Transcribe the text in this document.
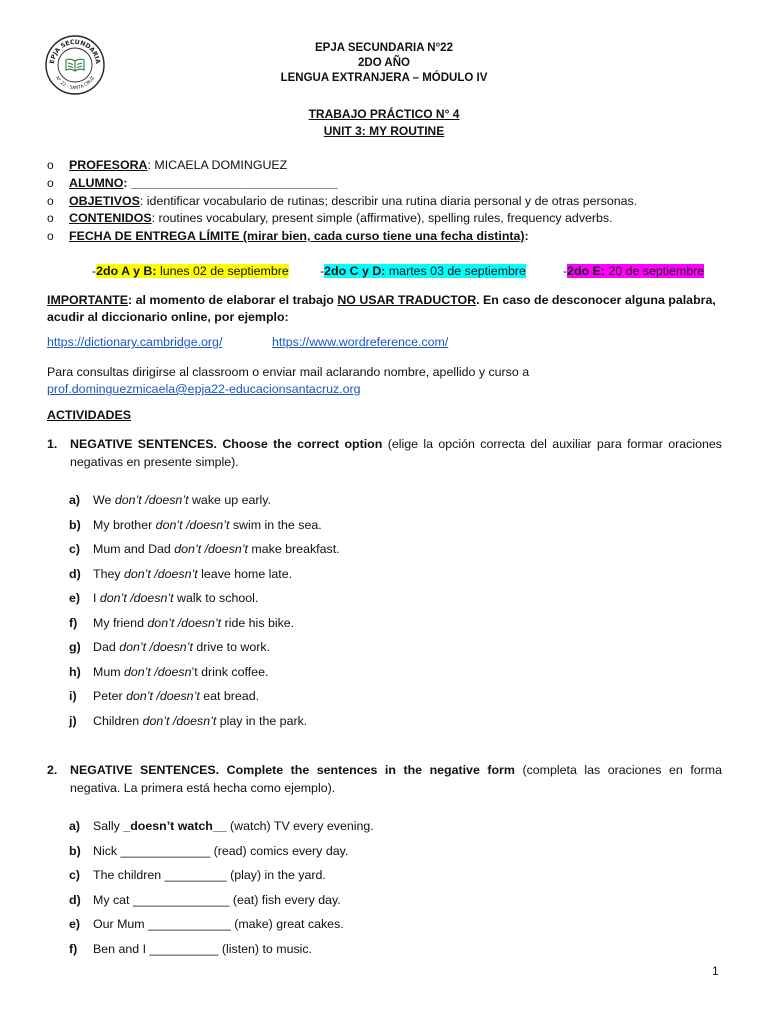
EPJA SECUNDARIA
N° 22 · SANTA CRUZ
EPJA SECUNDARIA N°22
2DO AÑO
LENGUA EXTRANJERA – MÓDULO IV
TRABAJO PRÁCTICO N° 4
UNIT 3: MY ROUTINE
o PROFESORA: MICAELA DOMINGUEZ
o ALUMNO: ______________________________
o OBJETIVOS: identificar vocabulario de rutinas; describir una rutina diaria personal y de otras personas.
o CONTENIDOS: routines vocabulary, present simple (affirmative), spelling rules, frequency adverbs.
o FECHA DE ENTREGA LÍMITE (mirar bien, cada curso tiene una fecha distinta):
-2do A y B: lunes 02 de septiembre	-2do C y D: martes 03 de septiembre	-2do E: 20 de septiembre
IMPORTANTE: al momento de elaborar el trabajo NO USAR TRADUCTOR. En caso de desconocer alguna palabra, acudir al diccionario online, por ejemplo:
https://dictionary.cambridge.org/	https://www.wordreference.com/
Para consultas dirigirse al classroom o enviar mail aclarando nombre, apellido y curso a
prof.dominguezmicaela@epja22-educacionsantacruz.org
ACTIVIDADES
1. NEGATIVE SENTENCES. Choose the correct option (elige la opción correcta del auxiliar para formar oraciones negativas en presente simple).
a) We don’t /doesn’t wake up early.
b) My brother don’t /doesn’t swim in the sea.
c) Mum and Dad don’t /doesn’t make breakfast.
d) They don’t /doesn’t leave home late.
e) I don’t /doesn’t walk to school.
f) My friend don’t /doesn’t ride his bike.
g) Dad don’t /doesn’t drive to work.
h) Mum don’t /doesn’t drink coffee.
i) Peter don’t /doesn’t eat bread.
j) Children don’t /doesn’t play in the park.
2. NEGATIVE SENTENCES. Complete the sentences in the negative form (completa las oraciones en forma negativa. La primera está hecha como ejemplo).
a) Sally _doesn’t watch__ (watch) TV every evening.
b) Nick _____________ (read) comics every day.
c) The children _________ (play) in the yard.
d) My cat ______________ (eat) fish every day.
e) Our Mum ____________ (make) great cakes.
f) Ben and I __________ (listen) to music.
1
